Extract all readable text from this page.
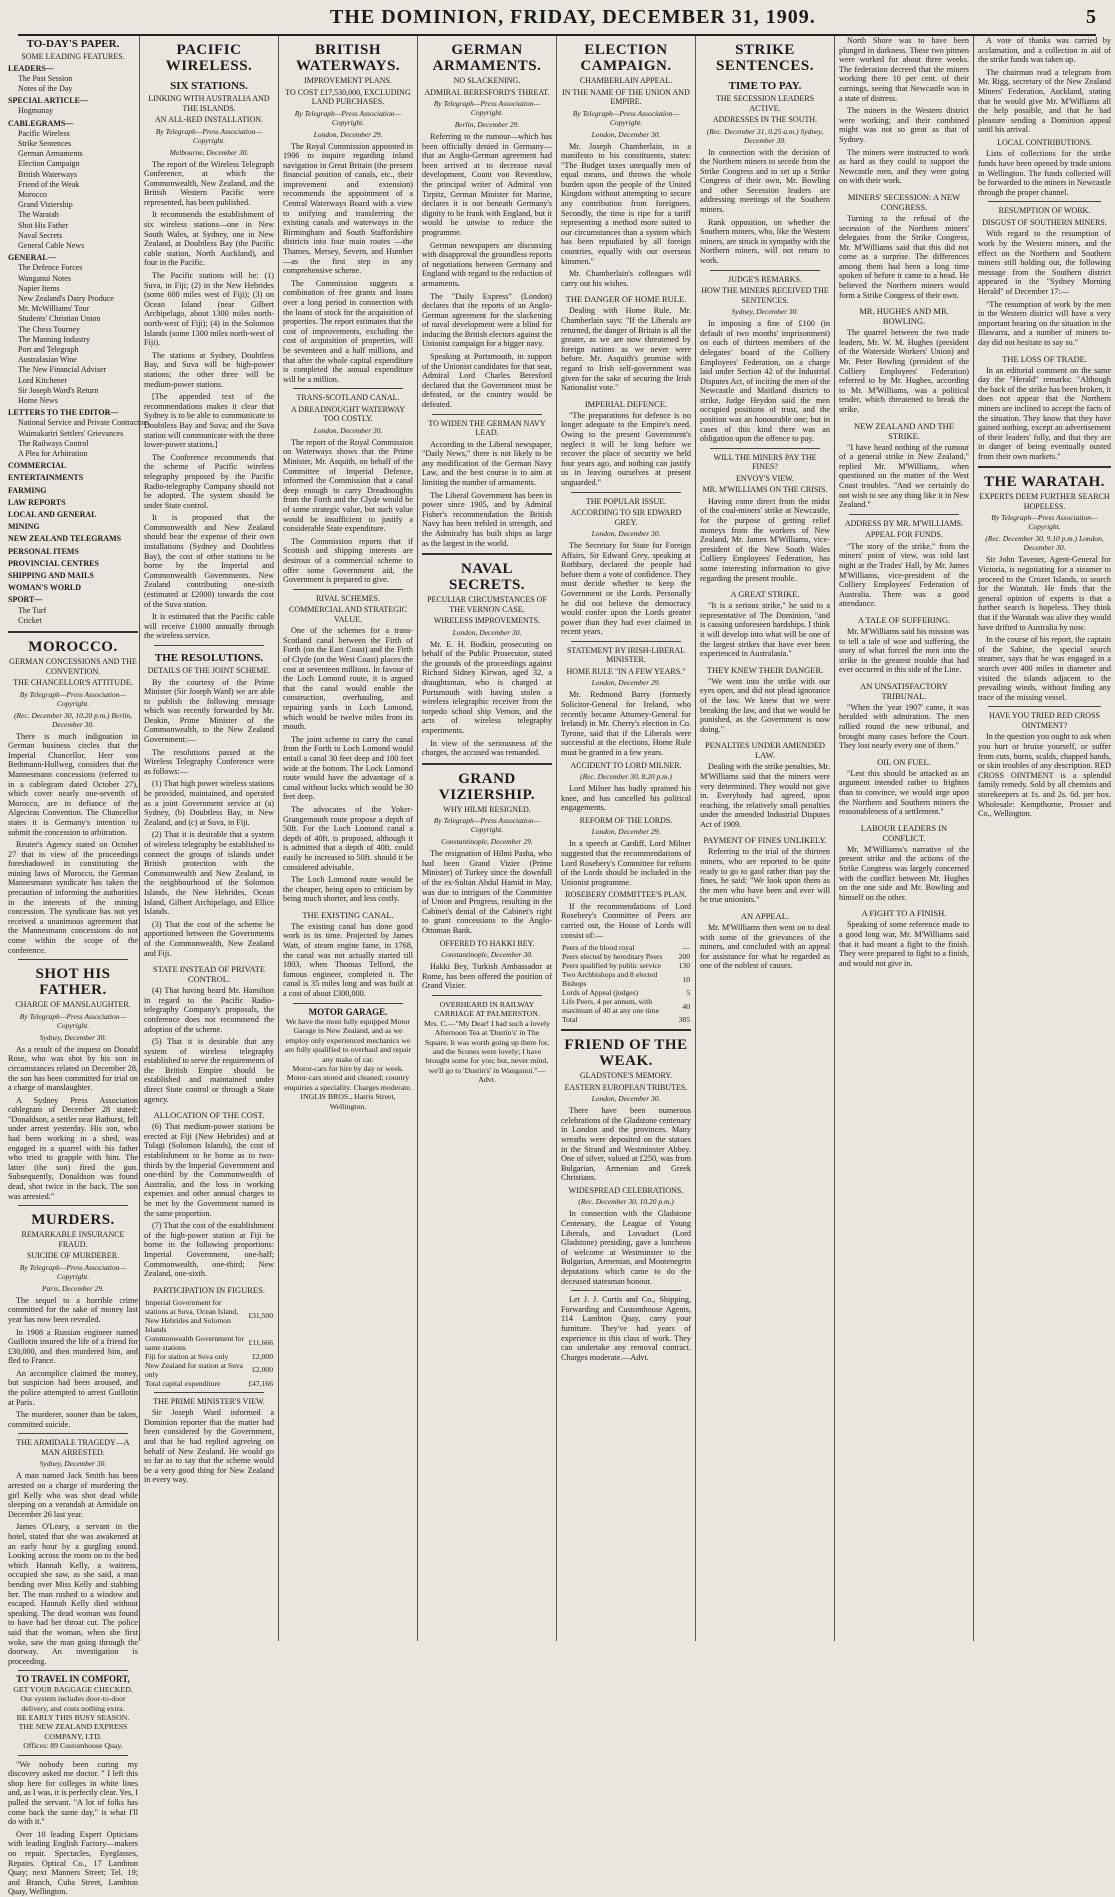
THE DOMINION, FRIDAY, DECEMBER 31, 1909.	5
TO-DAY'S PAPER.
SOME LEADING FEATURES.
LEADERS—
The Past Session
Notes of the Day
SPECIAL ARTICLE—
Hogmanay
CABLEGRAMS—
Pacific Wireless
Strike Sentences
German Armaments
Election Campaign
British Waterways
Friend of the Weak
Morocco
Grand Viziership
The Waratah
Shot His Father
Naval Secrets
General Cable News
GENERAL—
The Defence Forces
Wanganui Notes
Napier Items
New Zealand's Dairy Produce
Mr. McWilliams' Tour
Students' Christian Union
The Chess Tourney
The Manning Industry
Port and Telegraph
Australasian Wine
The New Financial Adviser
Lord Kitchener
Sir Joseph Ward's Return
Home News
LETTERS TO THE EDITOR—
National Service and Private Contractors
Waimakariri Settlers' Grievances
The Railways Control
A Plea for Arbitration
COMMERCIAL
ENTERTAINMENTS
FARMING
LAW REPORTS
LOCAL AND GENERAL
MINING
NEW ZEALAND TELEGRAMS
PERSONAL ITEMS
PROVINCIAL CENTRES
SHIPPING AND MAILS
WOMAN'S WORLD
SPORT—
The Turf
Cricket
MOROCCO.
GERMAN CONCESSIONS AND THE CONVENTION.
THE CHANCELLOR'S ATTITUDE.
By Telegraph—Press Association—Copyright.
(Rec. December 30, 10.20 p.m.) Berlin, December 30.

There is much indignation in German business circles that the Imperial Chancellor, Herr von Bethmann-Hollweg, considers that the Mannesmann concessions (referred to in a cablegram dated October 27), which cover nearly one-seventh of Morocco, are in defiance of the Algeciras Convention. The Chancellor states it is Germany's intention to submit the concession to arbitration.

Reuter's Agency stated on October 27 that in view of the proceedings foreshadowed in constituting the mining laws of Morocco, the German Mannesmann syndicate has taken the precaution of informing the authorities in the interests of the mining concession. The syndicate has not yet received a unanimous agreement that the Mannesmann concessions do not come within the scope of the conference.

SHOT HIS FATHER.
CHARGE OF MANSLAUGHTER.
By Telegraph—Press Association—Copyright.
Sydney, December 30.

As a result of the inquest on Donald Rose, who was shot by his son in circumstances related on December 28, the son has been committed for trial on a charge of manslaughter.

A Sydney Press Association cablegram of December 28 stated: "Donaldson, a settler near Bathurst, fell under arrest yesterday. His son, who had been working in a shed, was engaged in a quarrel with his father who tried to grapple with him. The latter (the son) fired the gun. Subsequently, Donaldson was found dead, shot twice in the back. The son was arrested."

MURDERS.
REMARKABLE INSURANCE FRAUD.
SUICIDE OF MURDERER.
By Telegraph—Press Association—Copyright.
Paris, December 29.

The sequel to a horrible crime committed for the sake of money last year has now been revealed.

In 1908 a Russian engineer named Guillotin insured the life of a friend for £30,000, and then murdered him, and fled to France.

An accomplice claimed the money, but suspicion had been aroused, and the police attempted to arrest Guillotin at Paris.

The murderer, sooner than be taken, committed suicide.

THE ARMIDALE TRAGEDY—A MAN ARRESTED.
Sydney, December 30.

A man named Jack Smith has been arrested on a charge of murdering the girl Kelly who was shot dead while sleeping on a verandah at Armidale on December 26 last year.

James O'Leary, a servant in the hotel, stated that she was awakened at an early hour by a gurgling sound. Looking across the room on to the bed which Hannah Kelly, a waitress, occupied she saw, as she said, a man bending over Miss Kelly and stabbing her. The man rushed to a window and escaped. Hannah Kelly died without speaking. The dead woman was found to have had her throat cut. The police said that the woman, when she first woke, saw the man going through the doorway. An investigation is proceeding.

TO TRAVEL IN COMFORT,

GET YOUR BAGGAGE CHECKED.

Our system includes door-to-door delivery, and costs nothing extra.

BE EARLY THIS BUSY SEASON.

THE NEW ZEALAND EXPRESS COMPANY, LTD.

Offices: 89 Customhouse Quay.

"We nobody been curing my discovery asked me doctor. " I left this shop here for colleges in white lines and, as I was, it is perfectly clear. Yes, I pulled the servant. "A lot of folks has come back the same day," is what I'll do with it."

Over 10 leading Expert Opticians with leading English Factory—makers on repair. Spectacles, Eyeglasses, Repairs. Optical Co., 17 Lambton Quay; next Manners Street; Tel. 19; and Branch, Cuba Street, Lambton Quay, Wellington.

PACIFIC WIRELESS.
SIX STATIONS.
LINKING WITH AUSTRALIA AND THE ISLANDS.
AN ALL-RED INSTALLATION.
By Telegraph—Press Association—Copyright.
Melbourne, December 30.

The report of the Wireless Telegraph Conference, at which the Commonwealth, New Zealand, and the British Western Pacific were represented, has been published.

It recommends the establishment of six wireless stations—one in New South Wales, at Sydney, one in New Zealand, at Doubtless Bay (the Pacific cable station, North Auckland), and four in the Pacific.

The Pacific stations will be: (1) Suva, in Fiji; (2) in the New Hebrides (some 600 miles west of Fiji); (3) on Ocean Island (near Gilbert Archipelago, about 1300 miles north-north-west of Fiji); (4) in the Solomon Islands (some 1300 miles north-west of Fiji).

The stations at Sydney, Doubtless Bay, and Suva will be high-power stations; the other three will be medium-power stations.

[The appended text of the recommendations makes it clear that Sydney is to be able to communicate to Doubtless Bay and Suva; and the Suva station will communicate with the three lower-power stations.]

The Conference recommends that the scheme of Pacific wireless telegraphy proposed by the Pacific Radio-telegraphy Company should not be adopted. The system should be under State control.

It is proposed that the Commonwealth and New Zealand should bear the expense of their own installations (Sydney and Doubtless Bay), the cost of other stations to be borne by the Imperial and Commonwealth Governments. New Zealand contributing one-sixth (estimated at £2000) towards the cost of the Suva station.

It is estimated that the Pacific cable will receive £1000 annually through the wireless service.

THE RESOLUTIONS.
DETAILS OF THE JOINT SCHEME.

By the courtesy of the Prime Minister (Sir Joseph Ward) we are able to publish the following message which was recently forwarded by Mr. Deakin, Prime Minister of the Commonwealth, to the New Zealand Government:—

The resolutions passed at the Wireless Telegraphy Conference were as follows:—

(1) That high power wireless stations be provided, maintained, and operated as a joint Government service at (a) Sydney, (b) Doubtless Bay, in New Zealand, and (c) at Suva, in Fiji.

(2) That it is desirable that a system of wireless telegraphy be established to connect the groups of islands under British protection with the Commonwealth and New Zealand, in the neighbourhood of the Solomon Islands, the New Hebrides, Ocean Island, Gilbert Archipelago, and Ellice Islands.

(3) That the cost of the scheme be apportioned between the Governments of the Commonwealth, New Zealand and Fiji.

STATE INSTEAD OF PRIVATE CONTROL.

(4) That having heard Mr. Hamilton in regard to the Pacific Radio-telegraphy Company's proposals, the conference does not recommend the adoption of the scheme.

(5) That it is desirable that any system of wireless telegraphy established to serve the requirements of the British Empire should be established and maintained under direct State control or through a State agency.

ALLOCATION OF THE COST.

(6) That medium-power stations be erected at Fiji (New Hebrides) and at Tulagi (Solomon Islands), the cost of establishment to be borne as to two-thirds by the Imperial Government and one-third by the Commonwealth of Australia, and the loss in working expenses and other annual charges to be met by the Government named in the same proportion.

(7) That the cost of the establishment of the high-power station at Fiji be borne in the following proportions: Imperial Government, one-half; Commonwealth, one-third; New Zealand, one-sixth.

PARTICIPATION IN FIGURES.
Imperial Government for stations at Suva, Ocean Island, New Hebrides and Solomon Islands	£31,500
Commonwealth Government for same stations	£11,666
Fiji for station at Suva only	£2,000
New Zealand for station at Suva only	£2,000
Total capital expenditure	£47,166
THE PRIME MINISTER'S VIEW.

Sir Joseph Ward informed a Dominion reporter that the matter had been considered by the Government, and that he had replied agreeing on behalf of New Zealand. He would go so far as to say that the scheme would be a very good thing for New Zealand in every way.

BRITISH WATERWAYS.
IMPROVEMENT PLANS.
TO COST £17,530,000, EXCLUDING LAND PURCHASES.
By Telegraph—Press Association—Copyright.
London, December 29.

The Royal Commission appointed in 1906 to inquire regarding inland navigation in Great Britain (the present financial position of canals, etc., their improvement and extension) recommends the appointment of a Central Waterways Board with a view to unifying and transferring the existing canals and waterways in the Birmingham and South Staffordshire districts into four main routes —the Thames, Mersey, Severn, and Humber—as the first step in any comprehensive scheme.

The Commission suggests a combination of free grants and loans over a long period in connection with the loans of stock for the acquisition of properties. The report estimates that the cost of improvements, excluding the cost of acquisition of properties, will be seventeen and a half millions, and that after the whole capital expenditure is completed the annual expenditure will be a million.

TRANS-SCOTLAND CANAL.
A DREADNOUGHT WATERWAY TOO COSTLY.
London, December 30.

The report of the Royal Commission on Waterways shows that the Prime Minister, Mr. Asquith, on behalf of the Committee of Imperial Defence, informed the Commission that a canal deep enough to carry Dreadnoughts from the Forth and the Clyde would be of some strategic value, but such value would be insufficient to justify a considerable State expenditure.

The Commission reports that if Scottish and shipping interests are desirous of a commercial scheme to offer some Government aid, the Government is prepared to give.

RIVAL SCHEMES.
COMMERCIAL AND STRATEGIC VALUE.

One of the schemes for a trans-Scotland canal between the Firth of Forth (on the East Coast) and the Firth of Clyde (on the West Coast) places the cost at seventeen millions. In favour of the Loch Lomond route, it is argued that the canal would enable the construction, overhauling, and repairing yards in Loch Lomond, which would be twelve miles from its mouth.

The joint scheme to carry the canal from the Forth to Loch Lomond would entail a canal 30 feet deep and 100 feet wide at the bottom. The Lock Lomond route would have the advantage of a canal without locks which would be 30 feet deep.

The advocates of the Yoker-Grangemouth route propose a depth of 50ft. For the Loch Lomond canal a depth of 40ft. is proposed, although it is admitted that a depth of 40ft. could easily be increased to 50ft. should it be considered advisable.

The Loch Lomond route would be the cheaper, being open to criticism by being much shorter, and less costly.

THE EXISTING CANAL.

The existing canal has done good work in its time. Projected by James Watt, of steam engine fame, in 1768, the canal was not actually started till 1803, when Thomas Telford, the famous engineer, completed it. The canal is 35 miles long and was built at a cost of about £300,000.

MOTOR GARAGE.

We have the most fully equipped Motor Garage in New Zealand, and as we employ only experienced mechanics we are fully qualified to overhaul and repair any make of car.

Motor-cars for hire by day or week. Motor-cars stored and cleaned; country enquiries a speciality. Charges moderate.

INGLIS BROS., Harris Street, Wellington.

GERMAN ARMAMENTS.
NO SLACKENING.
ADMIRAL BERESFORD'S THREAT.
By Telegraph—Press Association—Copyright.
Berlin, December 29.

Referring to the rumour—which has been officially denied in Germany—that an Anglo-German agreement had been arrived at to decrease naval development, Count von Reventlow, the principal writer of Admiral von Tirpitz, German Minister for Marine, declares it is not beneath Germany's dignity to be frank with England, but it would be unwise to reduce the programme.

German newspapers are discussing with disapproval the groundless reports of negotiations between Germany and England with regard to the reduction of armaments.

The "Daily Express" (London) declares that the reports of an Anglo-German agreement for the slackening of naval development were a blind for inducing the British electors against the Unionist campaign for a bigger navy.

Speaking at Portsmouth, in support of the Unionist candidates for that seat, Admiral Lord Charles Beresford declared that the Government must be defeated, or the country would be defeated.

TO WIDEN THE GERMAN NAVY LEAD.

According to the Liberal newspaper, "Daily News," there is not likely to be any modification of the German Navy Law, and the best course is to aim at limiting the number of armaments.

The Liberal Government has been in power since 1905, and by Admiral Fisher's recommendation the British Navy has been trebled in strength, and the Admiralty has built ships as large as the largest in the world.

NAVAL SECRETS.
PECULIAR CIRCUMSTANCES OF THE VERNON CASE.
WIRELESS IMPROVEMENTS.
London, December 30.

Mr. E. H. Bodkin, prosecuting on behalf of the Public Prosecutor, stated the grounds of the proceedings against Richard Sidney Kirwan, aged 32, a draughtsman, who is charged at Portsmouth with having stolen a wireless telegraphic receiver from the torpedo school ship Vernon, and the acts of wireless telegraphy experiments.

In view of the seriousness of the charges, the accused was remanded.

GRAND VIZIERSHIP.
WHY HILMI RESIGNED.
By Telegraph—Press Association—Copyright.
Constantinople, December 29.

The resignation of Hilmi Pasha, who had been Grand Vizier (Prime Minister) of Turkey since the downfall of the ex-Sultan Abdul Hamid in May, was due to intrigues of the Committee of Union and Progress, resulting in the Cabinet's denial of the Cabinet's right to grant concessions to the Anglo-Ottoman Bank.

OFFERED TO HAKKI BEY.
Constantinople, December 30.

Hakki Bey, Turkish Ambassador at Rome, has been offered the position of Grand Vizier.

OVERHEARD IN RAILWAY CARRIAGE AT PALMERSTON.

Mrs. C.—"My Dear! I had such a lovely Afternoon Tea at 'Dustin's' in The Square. It was worth going up there for, and the Scones were lovely; I have brought some for you; but, never mind, we'll go to 'Dustin's' in Wanganui."—Advt.

ELECTION CAMPAIGN.
CHAMBERLAIN APPEAL.
IN THE NAME OF THE UNION AND EMPIRE.
By Telegraph—Press Association—Copyright.
London, December 30.

Mr. Joseph Chamberlain, in a manifesto to his constituents, states: "The Budget taxes unequally men of equal means, and throws the whole burden upon the people of the United Kingdom without attempting to secure any contribution from foreigners. Secondly, the time is ripe for a tariff representing a method more suited to our circumstances than a system which has been repudiated by all foreign countries, equally with our overseas kinsmen."

Mr. Chamberlain's colleagues will carry out his wishes.

THE DANGER OF HOME RULE.

Dealing with Home Rule, Mr. Chamberlain says: "If the Liberals are returned, the danger of Britain is all the greater, as we are now threatened by foreign nations as we never were before. Mr. Asquith's promise with regard to Irish self-government was given for the sake of securing the Irish Nationalist vote."

IMPERIAL DEFENCE.

"The preparations for defence is no longer adequate to the Empire's need. Owing to the present Government's neglect it will be long before we recover the place of security we held four years ago, and nothing can justify us in leaving ourselves at present unguarded."

THE POPULAR ISSUE.
ACCORDING TO SIR EDWARD GREY.
London, December 30.

The Secretary for State for Foreign Affairs, Sir Edward Grey, speaking at Rothbury, declared the people had before them a vote of confidence. They must decide whether to keep the Government or the Lords. Personally he did not believe the democracy would confer upon the Lords greater power than they had ever claimed in recent years.

STATEMENT BY IRISH-LIBERAL MINISTER.
HOME RULE "IN A FEW YEARS."
London, December 29.

Mr. Redmond Barry (formerly Solicitor-General for Ireland, who recently became Attorney-General for Ireland) in Mr. Cherry's election in Co. Tyrone, said that if the Liberals were successful at the elections, Home Rule must be granted in a few years.

ACCIDENT TO LORD MILNER.
(Rec. December 30, 8.20 p.m.)

Lord Milner has badly sprained his knee, and has cancelled his political engagements.

REFORM OF THE LORDS.
London, December 29.

In a speech at Cardiff, Lord Milner suggested that the recommendations of Lord Rosebery's Committee for reform of the Lords should be included in the Unionist programme.

ROSEBERY COMMITTEE'S PLAN.

If the recommendations of Lord Rosebery's Committee of Peers are carried out, the House of Lords will consist of:—

Peers of the blood royal	—
Peers elected by hereditary Peers	200
Peers qualified by public service	130
Two Archbishops and 8 elected Bishops	10
Lords of Appeal (judges)	5
Life Peers, 4 per annum, with maximum of 40 at any one time	40
Total	385
FRIEND OF THE WEAK.
GLADSTONE'S MEMORY.
EASTERN EUROPEAN TRIBUTES.
London, December 30.

There have been numerous celebrations of the Gladstone centenary in London and the provinces. Many wreaths were deposited on the statues in the Strand and Westminster Abbey. One of silver, valued at £250, was from Bulgarian, Armenian and Greek Christians.

WIDESPREAD CELEBRATIONS.
(Rec. December 30, 10.20 p.m.)

In connection with the Gladstone Centenary, the League of Young Liberals, and Lovaduct (Lord Gladstone) presiding, gave a luncheon of welcome at Westminster to the Bulgarian, Armenian, and Montenegrin deputations which came to do the deceased statesman honour.

Let J. J. Curtis and Co., Shipping, Forwarding and Customhouse Agents, 114 Lambton Quay, carry your furniture. They've had years of experience in this class of work. They can undertake any removal contract. Charges moderate.—Advt.

STRIKE SENTENCES.
TIME TO PAY.
THE SECESSION LEADERS ACTIVE.
ADDRESSES IN THE SOUTH.
(Rec. December 31, 0.25 a.m.) Sydney, December 30.

In connection with the decision of the Northern miners to secede from the Strike Congress and to set up a Strike Congress of their own, Mr. Bowling and other Secession leaders are addressing meetings of the Southern miners.

Rank opposition, on whether the Southern miners, who, like the Western miners, are struck in sympathy with the Northern miners, will not return to work.

JUDGE'S REMARKS.
HOW THE MINERS RECEIVED THE SENTENCES.
Sydney, December 30.

In imposing a fine of £100 (in default of two months' imprisonment) on each of thirteen members of the delegates' board of the Colliery Employees' Federation, on a charge laid under Section 42 of the Industrial Disputes Act, of inciting the men of the Newcastle and Maitland districts to strike, Judge Heydon said the men occupied positions of trust, and the position was an honourable one; but in cases of this kind there was an obligation upon the offence to pay.

WILL THE MINERS PAY THE FINES?
ENVOY'S VIEW.
MR. M'WILLIAMS ON THE CRISIS.

Having come direct from the midst of the coal-miners' strike at Newcastle, for the purpose of getting relief moneys from the workers of New Zealand, Mr. James M'Williams, vice-president of the New South Wales Colliery Employees' Federation, has some interesting information to give regarding the present trouble.

A GREAT STRIKE.

"It is a serious strike," he said to a representative of The Dominion, "and is causing unforeseen hardships. I think it will develop into what will be one of the largest strikes that have ever been experienced in Australasia."

THEY KNEW THEIR DANGER.

"We went into the strike with our eyes open, and did not plead ignorance of the law. We knew that we were breaking the law, and that we would be punished, as the Government is now doing."

PENALTIES UNDER AMENDED LAW.

Dealing with the strike penalties, Mr. M'Williams said that the miners were very determined. They would not give in. Everybody had agreed, upon reaching, the relatively small penalties under the amended Industrial Disputes Act of 1909.

PAYMENT OF FINES UNLIKELY.

Referring to the trial of the thirteen miners, who are reported to be quite ready to go to gaol rather than pay the fines, he said: "We look upon them as the men who have been and ever will be true unionists."

AN APPEAL.

Mr. M'Williams then went on to deal with some of the grievances of the miners, and concluded with an appeal for assistance for what he regarded as one of the noblest of causes.

North Shore was to have been plunged in darkness. These two pitmen were worked for about three weeks. The federation decreed that the miners working there 10 per cent. of their earnings, seeing that Newcastle was in a state of distress.

The miners in the Western district were working; and their combined might was not so great as that of Sydney.

The miners were instructed to work as hard as they could to support the Newcastle men, and they were going on with their work.

MINERS' SECESSION: A NEW CONGRESS.

Turning to the refusal of the secession of the Northern miners' delegates from the Strike Congress, Mr. M'Williams said that this did not come as a surprise. The differences among them had been a long time spoken of before it came to a head. He believed the Northern miners would form a Strike Congress of their own.

MR. HUGHES AND MR. BOWLING.

The quarrel between the two trade leaders, Mr. W. M. Hughes (president of the Waterside Workers' Union) and Mr. Peter Bowling (president of the Colliery Employees' Federation) referred to by Mr. Hughes, according to Mr. M'Williams, was a political tender, which threatened to break the strike.

NEW ZEALAND AND THE STRIKE.

"I have heard nothing of the rumour of a general strike in New Zealand," replied Mr. M'Williams, when questioned on the matter of the West Coast troubles. "And we certainly do not wish to see any thing like it in New Zealand."

ADDRESS BY MR. M'WILLIAMS.
APPEAL FOR FUNDS.

"The story of the strike," from the miners' point of view, was told last night at the Trades' Hall, by Mr. James M'Williams, vice-president of the Colliery Employees' Federation of Australia. There was a good attendance.

A TALE OF SUFFERING.

Mr. M'Williams said his mission was to tell a tale of woe and suffering, the story of what forced the men into the strike in the greatest trouble that had ever occurred in this side of the Line.

AN UNSATISFACTORY TRIBUNAL.

"When the 'year 1907' came, it was heralded with admiration. The men rallied round the new tribunal, and brought many cases before the Court. They lost nearly every one of them."

OIL ON FUEL.

"Lest this should be attacked as an argument intended rather to frighten than to convince, we would urge upon the Northern and Southern miners the reasonableness of a settlement."

LABOUR LEADERS IN CONFLICT.

Mr. M'Williams's narrative of the present strike and the actions of the Strike Congress was largely concerned with the conflict between Mr. Hughes on the one side and Mr. Bowling and himself on the other.

A FIGHT TO A FINISH.

Speaking of some reference made to a good long war, Mr. M'Williams said that it had meant a fight to the finish. They were prepared to fight to a finish, and would not give in.

A vote of thanks was carried by acclamation, and a collection in aid of the strike funds was taken up.

The chairman read a telegram from Mr. Rigg, secretary of the New Zealand Miners' Federation, Auckland, stating that he would give Mr. M'Williams all the help possible, and that he had pleasure sending a Dominion appeal until his arrival.

LOCAL CONTRIBUTIONS.

Lists of collections for the strike funds have been opened by trade unions in Wellington. The funds collected will be forwarded to the miners in Newcastle through the proper channel.

RESUMPTION OF WORK.
DISGUST OF SOUTHERN MINERS.

With regard to the resumption of work by the Western miners, and the effect on the Northern and Southern miners still holding out, the following message from the Southern district appeared in the "Sydney Morning Herald" of December 17:—

"The resumption of work by the men in the Western district will have a very important bearing on the situation in the Illawarra, and a number of miners to-day did not hesitate to say so."

THE LOSS OF TRADE.

In an editorial comment on the same day the "Herald" remarks: "Although the back of the strike has been broken, it does not appear that the Northern miners are inclined to accept the facts of the situation. They know that they have gained nothing, except an advertisement of their leaders' folly, and that they are in danger of being eventually ousted from their own markets."

THE WARATAH.
EXPERTS DEEM FURTHER SEARCH HOPELESS.
By Telegraph—Press Association—Copyright.
(Rec. December 30, 9.10 p.m.) London, December 30.

Sir John Tavener, Agent-General for Victoria, is negotiating for a steamer to proceed to the Crozet Islands, to search for the Waratah. He finds that the general opinion of experts is that a further search is hopeless. They think that if the Waratah was alive they would have drifted to Australia by now.

In the course of his report, the captain of the Sabine, the special search steamer, says that he was engaged in a search over 400 miles in diameter and visited the islands adjacent to the prevailing winds, without finding any trace of the missing vessel.

HAVE YOU TRIED RED CROSS OINTMENT?

In the question you ought to ask when you hurt or bruise yourself, or suffer from cuts, burns, scalds, chapped hands, or skin troubles of any description. RED CROSS OINTMENT is a splendid family remedy. Sold by all chemists and storekeepers at 1s. and 2s. 6d. per box. Wholesale: Kempthorne, Prosser and Co., Wellington.
